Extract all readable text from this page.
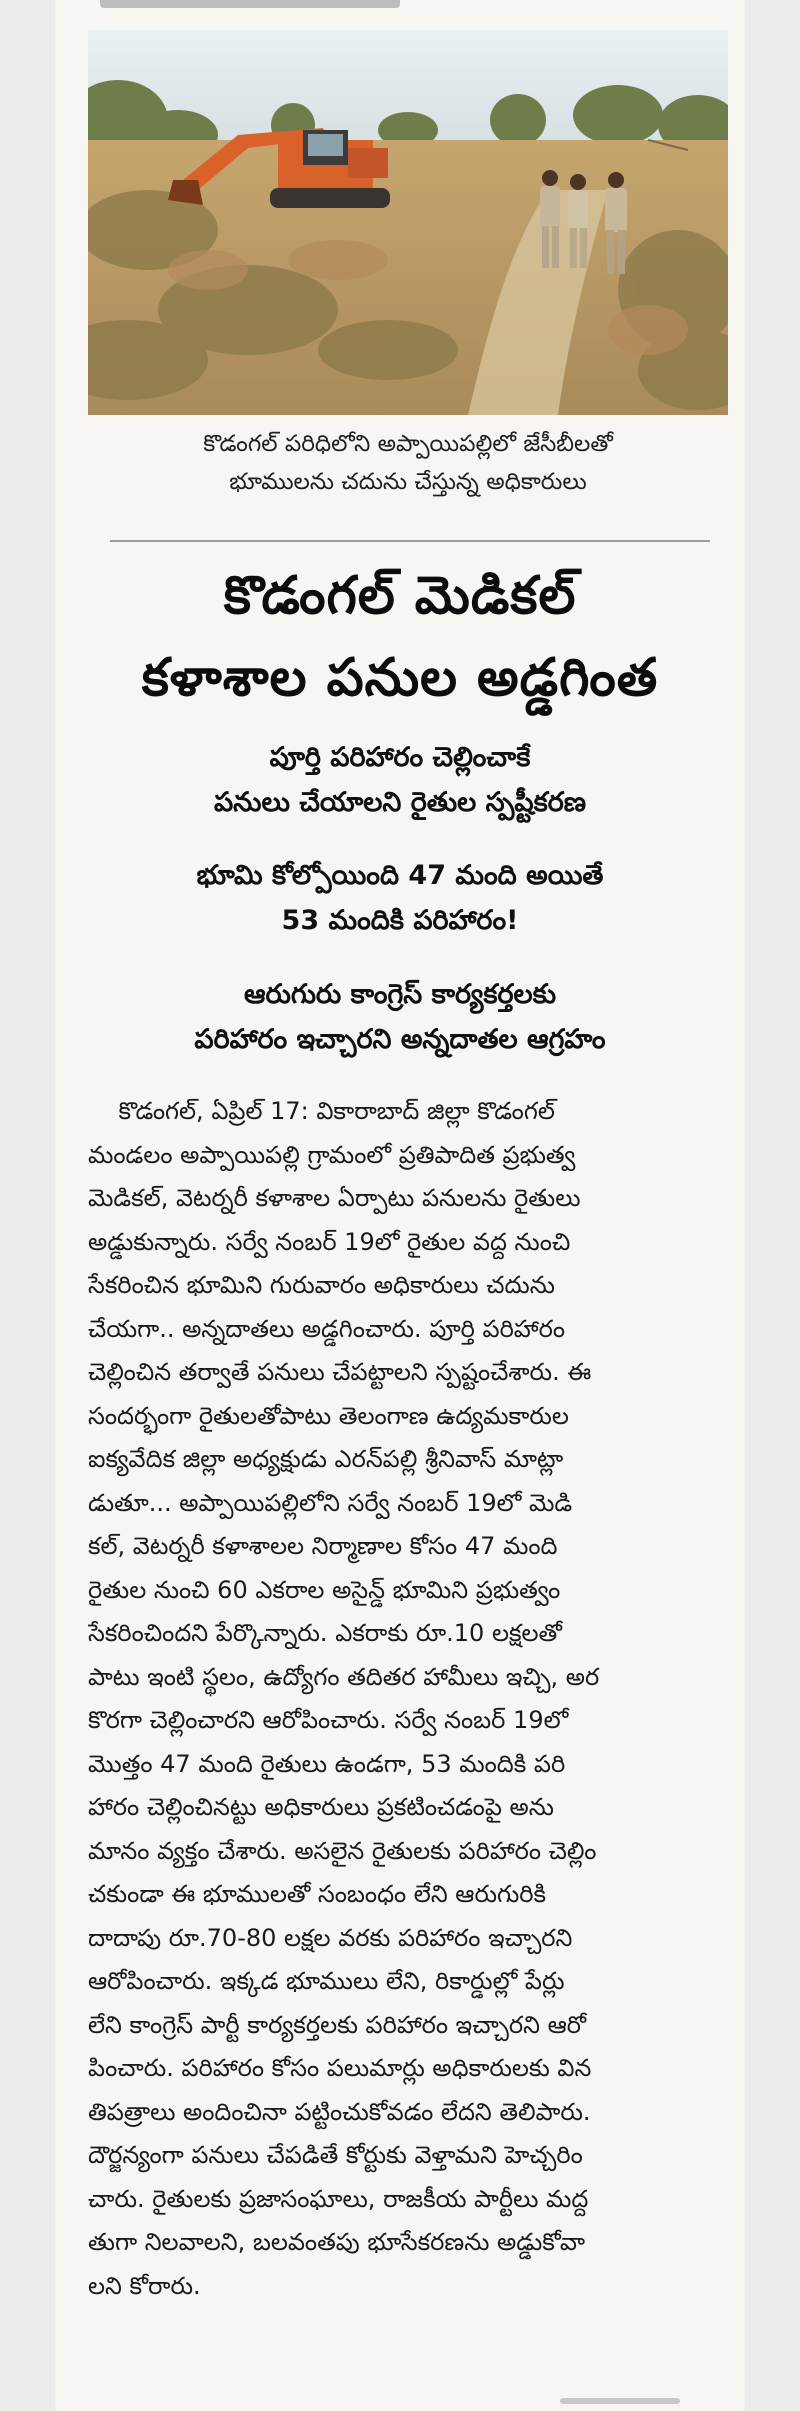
కొడంగల్ పరిధిలోని అప్పాయిపల్లిలో జేసీబీలతో
భూములను చదును చేస్తున్న అధికారులు
కొడంగల్ మెడికల్
కళాశాల పనుల అడ్డగింత
పూర్తి పరిహారం చెల్లించాకే
పనులు చేయాలని రైతుల స్పష్టీకరణ
భూమి కోల్పోయింది 47 మంది అయితే
53 మందికి పరిహారం!
ఆరుగురు కాంగ్రెస్ కార్యకర్తలకు
పరిహారం ఇచ్చారని అన్నదాతల ఆగ్రహం
కొడంగల్, ఏప్రిల్ 17: వికారాబాద్ జిల్లా కొడంగల్
మండలం అప్పాయిపల్లి గ్రామంలో ప్రతిపాదిత ప్రభుత్వ
మెడికల్, వెటర్నరీ కళాశాల ఏర్పాటు పనులను రైతులు
అడ్డుకున్నారు. సర్వే నంబర్ 19లో రైతుల వద్ద నుంచి
సేకరించిన భూమిని గురువారం అధికారులు చదును
చేయగా.. అన్నదాతలు అడ్డగించారు. పూర్తి పరిహారం
చెల్లించిన తర్వాతే పనులు చేపట్టాలని స్పష్టంచేశారు. ఈ
సందర్భంగా రైతులతోపాటు తెలంగాణ ఉద్యమకారుల
ఐక్యవేదిక జిల్లా అధ్యక్షుడు ఎరన్‌పల్లి శ్రీనివాస్ మాట్లా
డుతూ... అప్పాయిపల్లిలోని సర్వే నంబర్ 19లో మెడి
కల్, వెటర్నరీ కళాశాలల నిర్మాణాల కోసం 47 మంది
రైతుల నుంచి 60 ఎకరాల అసైన్డ్ భూమిని ప్రభుత్వం
సేకరించిందని పేర్కొన్నారు. ఎకరాకు రూ.10 లక్షలతో
పాటు ఇంటి స్థలం, ఉద్యోగం తదితర హామీలు ఇచ్చి, అర
కొరగా చెల్లించారని ఆరోపించారు. సర్వే నంబర్ 19లో
మొత్తం 47 మంది రైతులు ఉండగా, 53 మందికి పరి
హారం చెల్లించినట్టు అధికారులు ప్రకటించడంపై అను
మానం వ్యక్తం చేశారు. అసలైన రైతులకు పరిహారం చెల్లిం
చకుండా ఈ భూములతో సంబంధం లేని ఆరుగురికి
దాదాపు రూ.70-80 లక్షల వరకు పరిహారం ఇచ్చారని
ఆరోపించారు. ఇక్కడ భూములు లేని, రికార్డుల్లో పేర్లు
లేని కాంగ్రెస్ పార్టీ కార్యకర్తలకు పరిహారం ఇచ్చారని ఆరో
పించారు. పరిహారం కోసం పలుమార్లు అధికారులకు విన
తిపత్రాలు అందించినా పట్టించుకోవడం లేదని తెలిపారు.
దౌర్జన్యంగా పనులు చేపడితే కోర్టుకు వెళ్తామని హెచ్చరిం
చారు. రైతులకు ప్రజాసంఘాలు, రాజకీయ పార్టీలు మద్ద
తుగా నిలవాలని, బలవంతపు భూసేకరణను అడ్డుకోవా
లని కోరారు.
